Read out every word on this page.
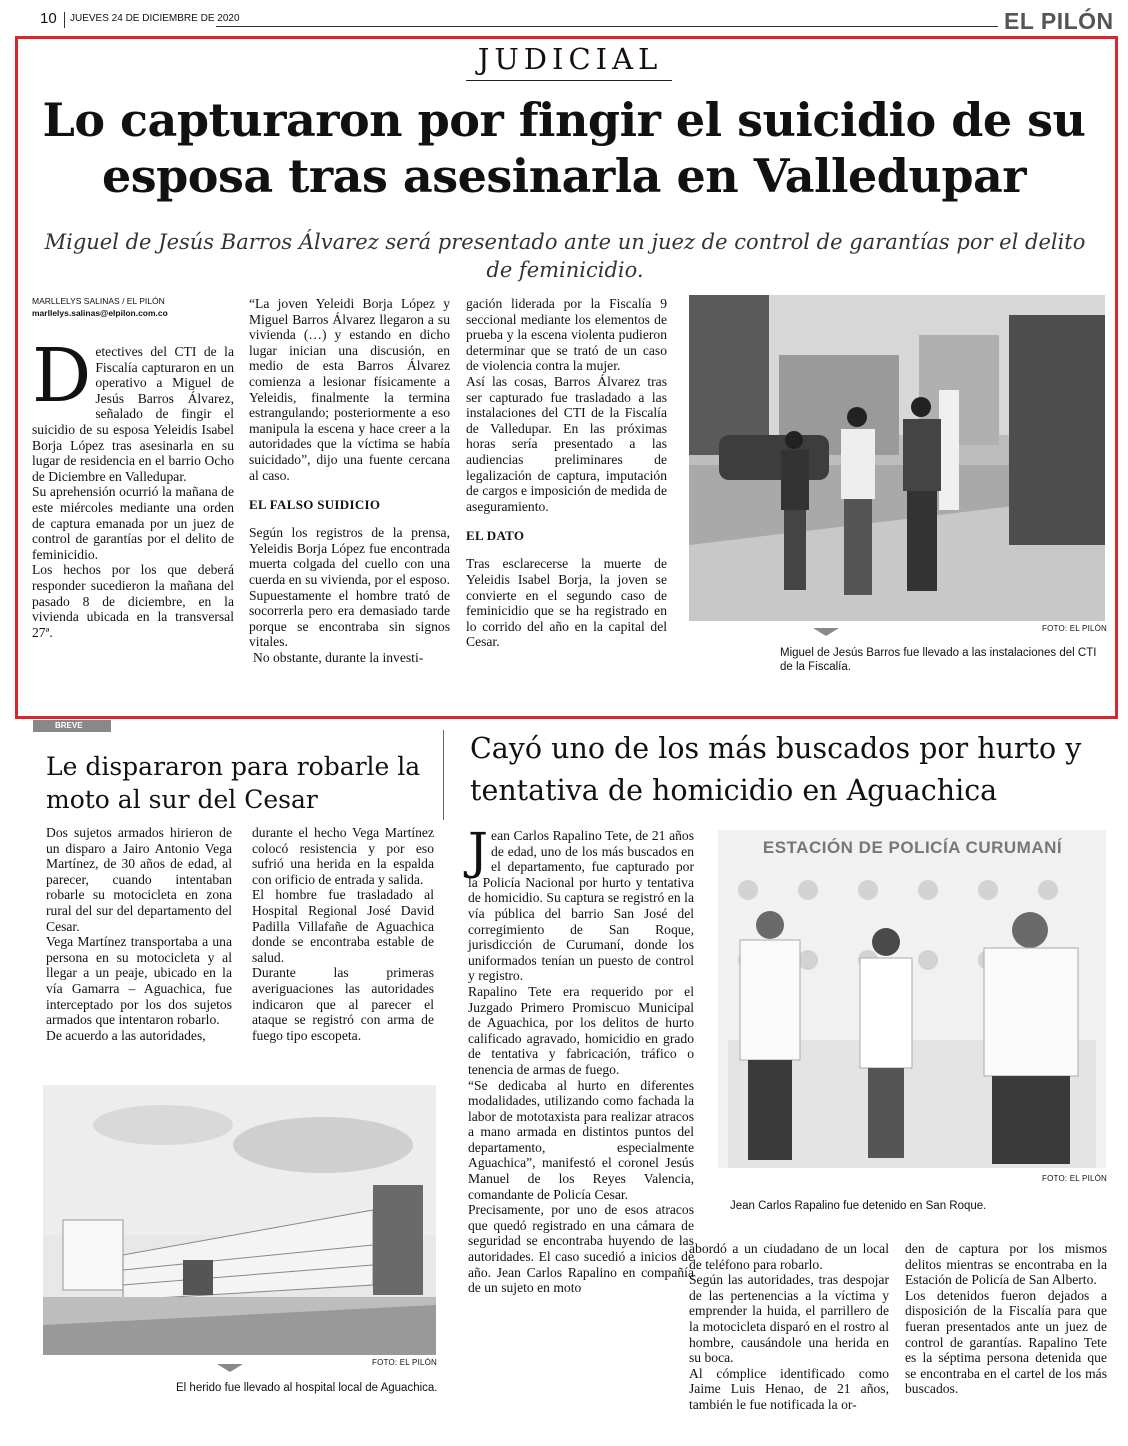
10 JUEVES 24 DE DICIEMBRE DE 2020	EL PILÓN
JUDICIAL
Lo capturaron por fingir el suicidio de su esposa tras asesinarla en Valledupar
Miguel de Jesús Barros Álvarez será presentado ante un juez de control de garantías por el delito de feminicidio.
MARLLELYS SALINAS / EL PILÓN
marllelys.salinas@elpilon.com.co
D etectives del CTI de la Fiscalía capturaron en un operativo a Miguel de Jesús Barros Álvarez, señalado de fingir el suicidio de su esposa Yeleidis Isabel Borja López tras asesinarla en su lugar de residencia en el barrio Ocho de Diciembre en Valledupar.

Su aprehensión ocurrió la mañana de este miércoles mediante una orden de captura emanada por un juez de control de garantías por el delito de feminicidio.

Los hechos por los que deberá responder sucedieron la mañana del pasado 8 de diciembre, en la vivienda ubicada en la transversal 27ª.

“La joven Yeleidi Borja López y Miguel Barros Álvarez llegaron a su vivienda (…) y estando en dicho lugar inician una discusión, en medio de esta Barros Álvarez comienza a lesionar físicamente a Yeleidis, finalmente la termina estrangulando; posteriormente a eso manipula la escena y hace creer a la autoridades que la víctima se había suicidado”, dijo una fuente cercana al caso.

EL FALSO SUIDICIO

Según los registros de la prensa, Yeleidis Borja López fue encontrada muerta colgada del cuello con una cuerda en su vivienda, por el esposo. Supuestamente el hombre trató de socorrerla pero era demasiado tarde porque se encontraba sin signos vitales.

No obstante, durante la investi-

gación liderada por la Fiscalía 9 seccional mediante los elementos de prueba y la escena violenta pudieron determinar que se trató de un caso de violencia contra la mujer.

Así las cosas, Barros Álvarez tras ser capturado fue trasladado a las instalaciones del CTI de la Fiscalía de Valledupar. En las próximas horas sería presentado a las audiencias preliminares de legalización de captura, imputación de cargos e imposición de medida de aseguramiento.

EL DATO

Tras esclarecerse la muerte de Yeleidis Isabel Borja, la joven se convierte en el segundo caso de feminicidio que se ha registrado en lo corrido del año en la capital del Cesar.

FOTO: EL PILÓN
Miguel de Jesús Barros fue llevado a las instalaciones del CTI de la Fiscalía.
BREVE
Le dispararon para robarle la moto al sur del Cesar

Dos sujetos armados hirieron de un disparo a Jairo Antonio Vega Martínez, de 30 años de edad, al parecer, cuando intentaban robarle su motocicleta en zona rural del sur del departamento del Cesar.

Vega Martínez transportaba a una persona en su motocicleta y al llegar a un peaje, ubicado en la vía Gamarra – Aguachica, fue interceptado por los dos sujetos armados que intentaron robarlo.

De acuerdo a las autoridades,

durante el hecho Vega Martínez colocó resistencia y por eso sufrió una herida en la espalda con orificio de entrada y salida.

El hombre fue trasladado al Hospital Regional José David Padilla Villafañe de Aguachica donde se encontraba estable de salud.

Durante las primeras averiguaciones las autoridades indicaron que al parecer el ataque se registró con arma de fuego tipo escopeta.

FOTO: EL PILÓN
El herido fue llevado al hospital local de Aguachica.
Cayó uno de los más buscados por hurto y tentativa de homicidio en Aguachica
J ean Carlos Rapalino Tete, de 21 años de edad, uno de los más buscados en el departamento, fue capturado por la Policía Nacional por hurto y tentativa de homicidio. Su captura se registró en la vía pública del barrio San José del corregimiento de San Roque, jurisdicción de Curumaní, donde los uniformados tenían un puesto de control y registro.

Rapalino Tete era requerido por el Juzgado Primero Promiscuo Municipal de Aguachica, por los delitos de hurto calificado agravado, homicidio en grado de tentativa y fabricación, tráfico o tenencia de armas de fuego.

“Se dedicaba al hurto en diferentes modalidades, utilizando como fachada la labor de mototaxista para realizar atracos a mano armada en distintos puntos del departamento, especialmente Aguachica”, manifestó el coronel Jesús Manuel de los Reyes Valencia, comandante de Policía Cesar.

Precisamente, por uno de esos atracos que quedó registrado en una cámara de seguridad se encontraba huyendo de las autoridades. El caso sucedió a inicios de año. Jean Carlos Rapalino en compañía de un sujeto en moto

ESTACIÓN DE POLICÍA CURUMANÍ
FOTO: EL PILÓN
Jean Carlos Rapalino fue detenido en San Roque.

abordó a un ciudadano de un local de teléfono para robarlo.

Según las autoridades, tras despojar de las pertenencias a la víctima y emprender la huida, el parrillero de la motocicleta disparó en el rostro al hombre, causándole una herida en su boca.

Al cómplice identificado como Jaime Luis Henao, de 21 años, también le fue notificada la or-

den de captura por los mismos delitos mientras se encontraba en la Estación de Policía de San Alberto.

Los detenidos fueron dejados a disposición de la Fiscalía para que fueran presentados ante un juez de control de garantías. Rapalino Tete es la séptima persona detenida que se encontraba en el cartel de los más buscados.
